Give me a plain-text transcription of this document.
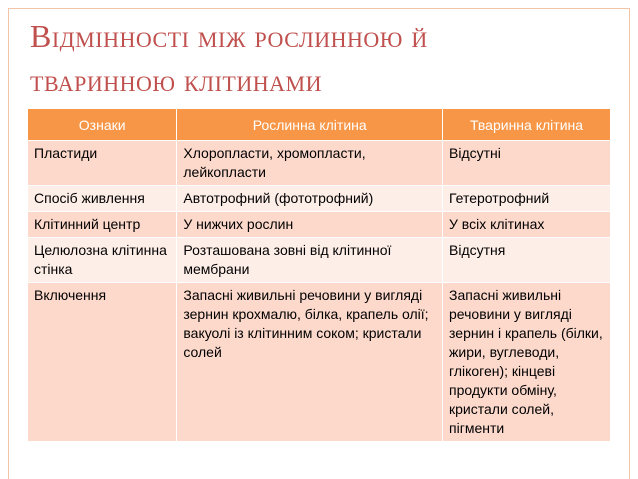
Відмінності між рослинною й
тваринною клітинами
Ознаки	Рослинна клітина	Тваринна клітина
Пластиди	Хлоропласти, хромопласти, лейкопласти	Відсутні
Спосіб живлення	Автотрофний (фототрофний)	Гетеротрофний
Клітинний центр	У нижчих рослин	У всіх клітинах
Целюлозна клітинна стінка	Розташована зовні від клітинної мембрани	Відсутня
Включення	Запасні живильні речовини у вигляді зернин крохмалю, білка, крапель олії; вакуолі із клітинним соком; кристали солей	Запасні живильні речовини у вигляді зернин і крапель (білки, жири, вуглеводи, глікоген); кінцеві продукти обміну, кристали солей, пігменти
